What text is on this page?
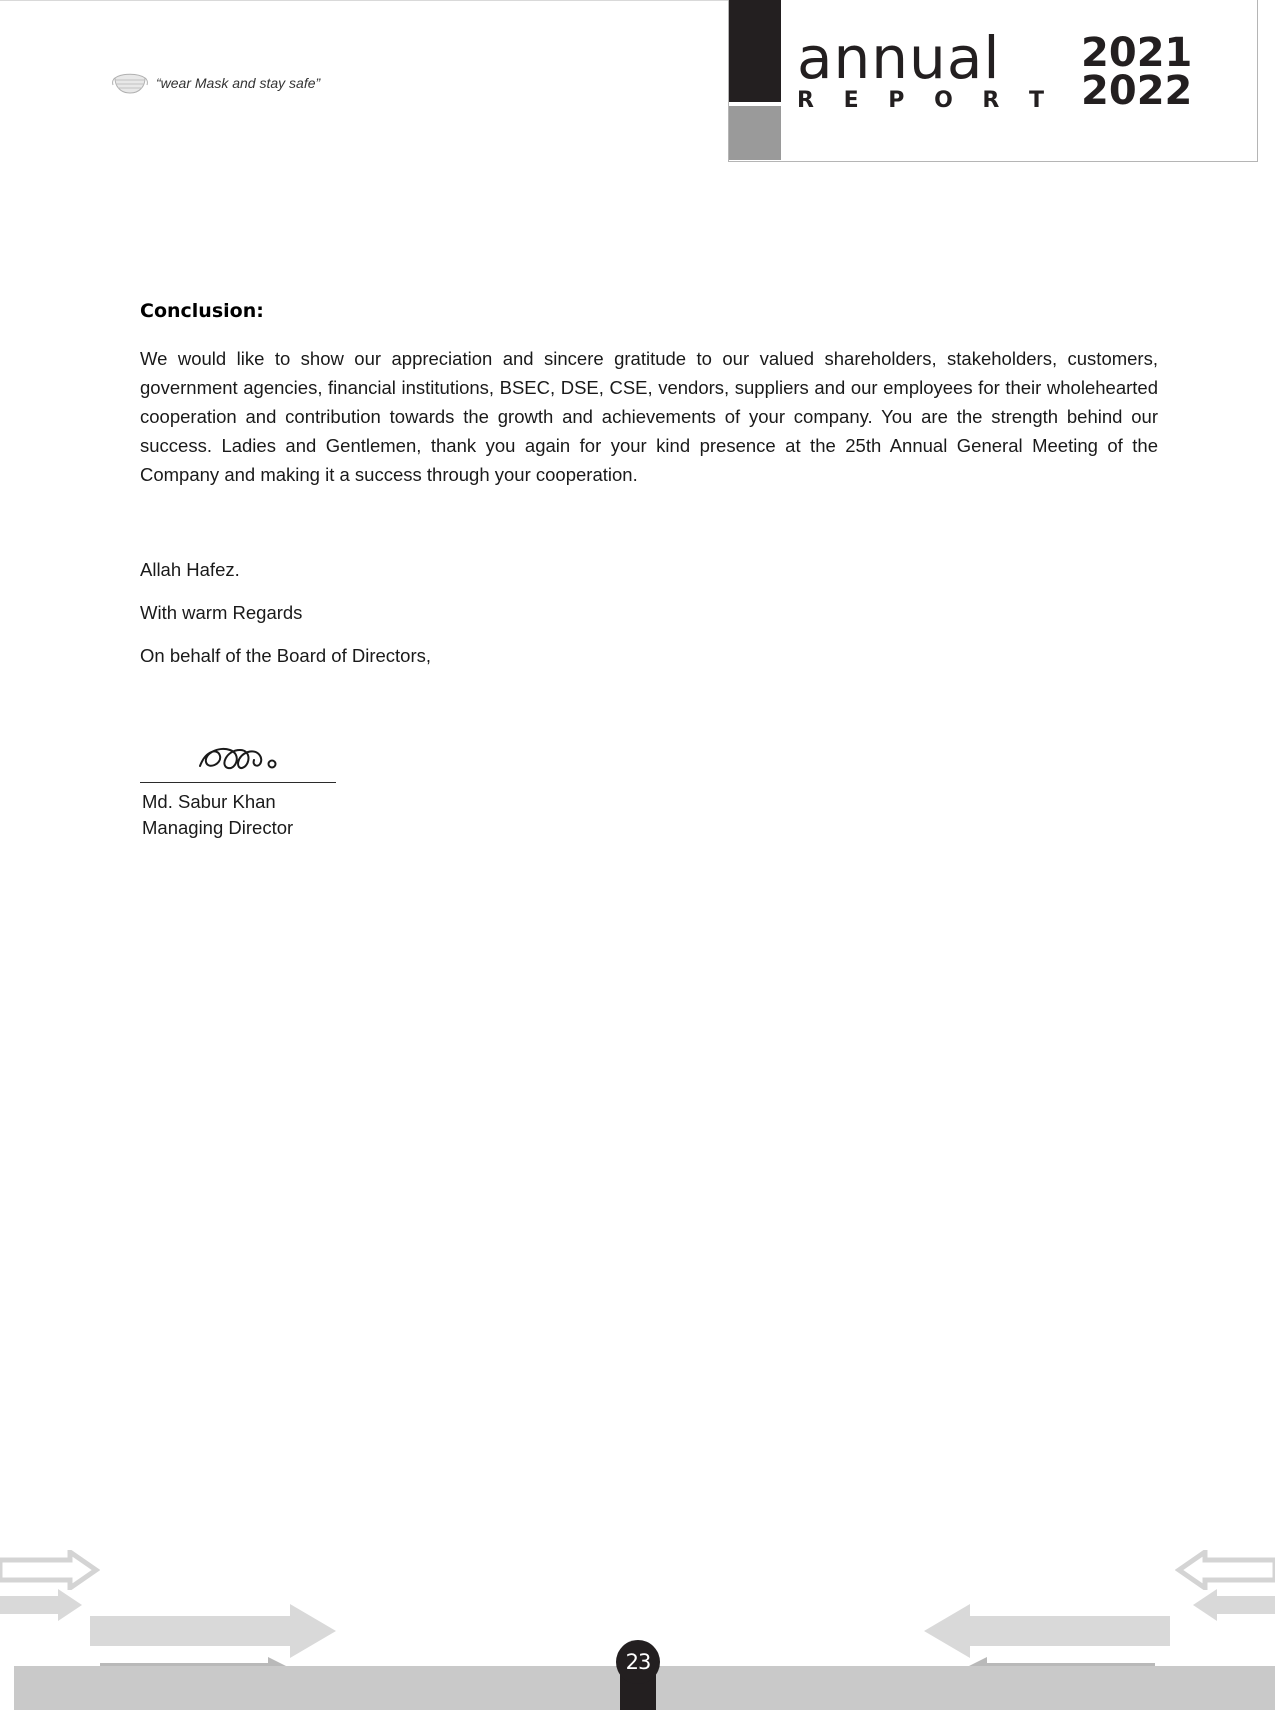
“wear Mask and stay safe”	annual
R E P O R T
2021
2022
Conclusion:

We would like to show our appreciation and sincere gratitude to our valued shareholders, stakeholders, customers, government agencies, financial institutions, BSEC, DSE, CSE, vendors, suppliers and our employees for their wholehearted cooperation and contribution towards the growth and achievements of your company. You are the strength behind our success. Ladies and Gentlemen, thank you again for your kind presence at the 25th Annual General Meeting of the Company and making it a success through your cooperation.

Allah Hafez.

With warm Regards

On behalf of the Board of Directors,

Md. Sabur Khan

Managing Director

23
